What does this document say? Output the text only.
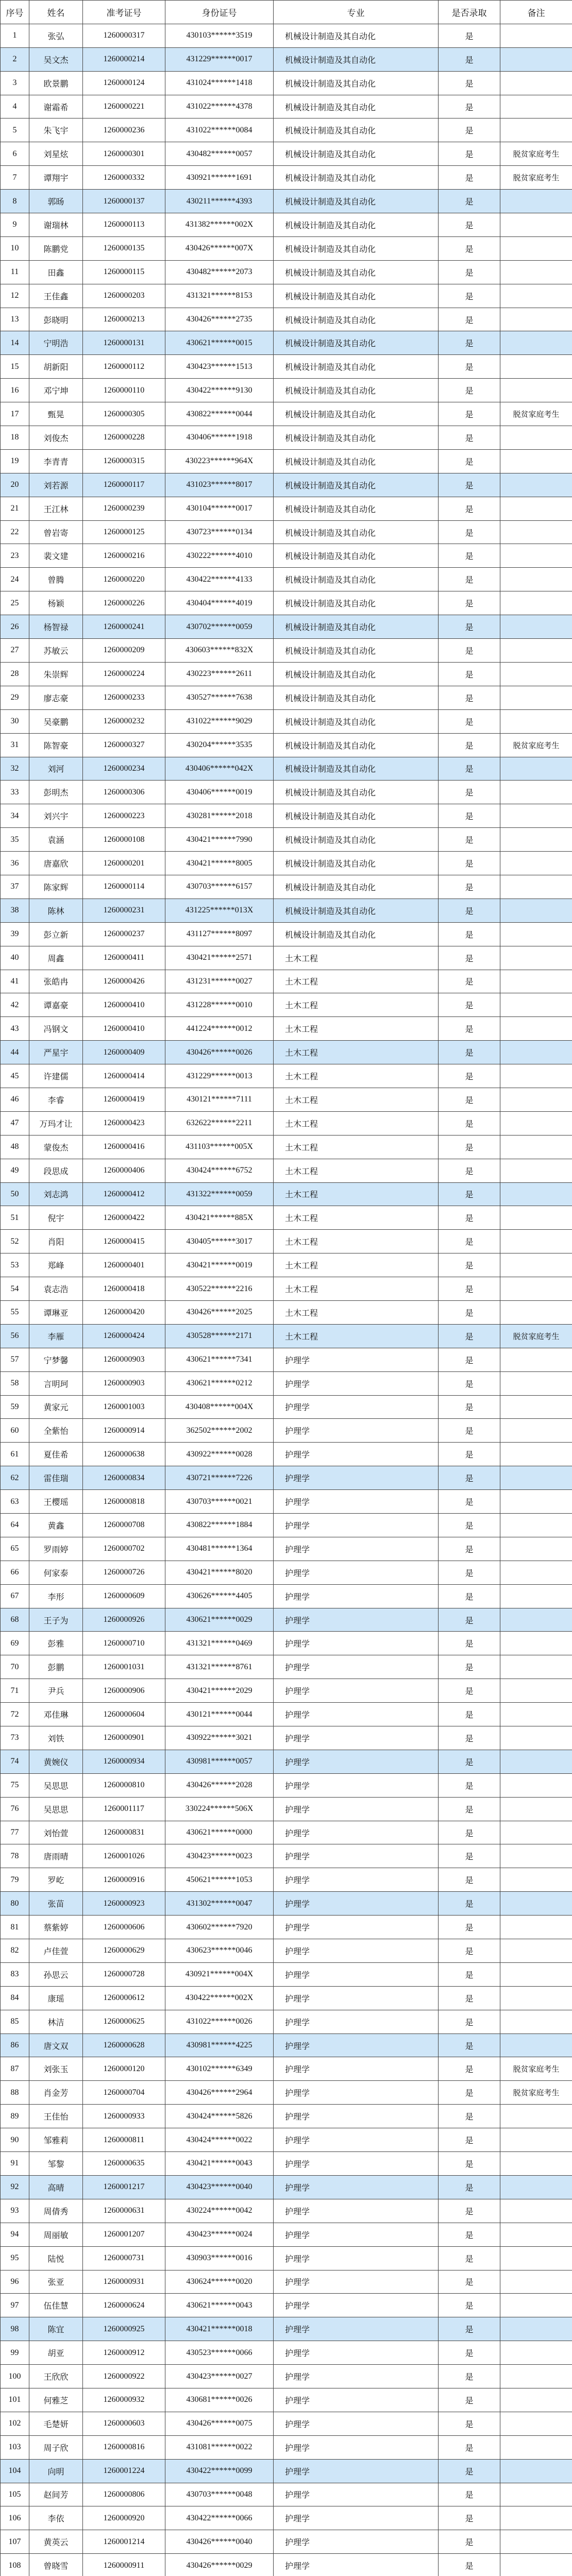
序号	姓名	准考证号	身份证号	专业	是否录取	备注
1	张弘	1260000317	430103******3519	机械设计制造及其自动化	是	
2	吴文杰	1260000214	431229******0017	机械设计制造及其自动化	是	
3	欧景鹏	1260000124	431024******1418	机械设计制造及其自动化	是	
4	谢霜希	1260000221	431022******4378	机械设计制造及其自动化	是	
5	朱飞宇	1260000236	431022******0084	机械设计制造及其自动化	是	
6	刘星炫	1260000301	430482******0057	机械设计制造及其自动化	是	脱贫家庭考生
7	谭翔宇	1260000332	430921******1691	机械设计制造及其自动化	是	脱贫家庭考生
8	郭旸	1260000137	430211******4393	机械设计制造及其自动化	是	
9	谢瑞林	1260000113	431382******002X	机械设计制造及其自动化	是	
10	陈鹏党	1260000135	430426******007X	机械设计制造及其自动化	是	
11	田鑫	1260000115	430482******2073	机械设计制造及其自动化	是	
12	王佳鑫	1260000203	431321******8153	机械设计制造及其自动化	是	
13	彭晓明	1260000213	430426******2735	机械设计制造及其自动化	是	
14	宁明浩	1260000131	430621******0015	机械设计制造及其自动化	是	
15	胡新阳	1260000112	430423******1513	机械设计制造及其自动化	是	
16	邓宁坤	1260000110	430422******9130	机械设计制造及其自动化	是	
17	甄晃	1260000305	430822******0044	机械设计制造及其自动化	是	脱贫家庭考生
18	刘俊杰	1260000228	430406******1918	机械设计制造及其自动化	是	
19	李青青	1260000315	430223******964X	机械设计制造及其自动化	是	
20	刘若源	1260000117	431023******8017	机械设计制造及其自动化	是	
21	王江林	1260000239	430104******0017	机械设计制造及其自动化	是	
22	曾岩寄	1260000125	430723******0134	机械设计制造及其自动化	是	
23	裴文建	1260000216	430222******4010	机械设计制造及其自动化	是	
24	曾腾	1260000220	430422******4133	机械设计制造及其自动化	是	
25	杨颖	1260000226	430404******4019	机械设计制造及其自动化	是	
26	杨智禄	1260000241	430702******0059	机械设计制造及其自动化	是	
27	苏敏云	1260000209	430603******832X	机械设计制造及其自动化	是	
28	朱崇辉	1260000224	430223******2611	机械设计制造及其自动化	是	
29	廖志豪	1260000233	430527******7638	机械设计制造及其自动化	是	
30	吴豪鹏	1260000232	431022******9029	机械设计制造及其自动化	是	
31	陈智豪	1260000327	430204******3535	机械设计制造及其自动化	是	脱贫家庭考生
32	刘河	1260000234	430406******042X	机械设计制造及其自动化	是	
33	彭明杰	1260000306	430406******0019	机械设计制造及其自动化	是	
34	刘兴宇	1260000223	430281******2018	机械设计制造及其自动化	是	
35	袁涵	1260000108	430421******7990	机械设计制造及其自动化	是	
36	唐嘉欣	1260000201	430421******8005	机械设计制造及其自动化	是	
37	陈家辉	1260000114	430703******6157	机械设计制造及其自动化	是	
38	陈林	1260000231	431225******013X	机械设计制造及其自动化	是	
39	彭立新	1260000237	431127******8097	机械设计制造及其自动化	是	
40	周鑫	1260000411	430421******2571	土木工程	是	
41	张皓冉	1260000426	431231******0027	土木工程	是	
42	谭嘉豪	1260000410	431228******0010	土木工程	是	
43	冯钢文	1260000410	441224******0012	土木工程	是	
44	严星宇	1260000409	430426******0026	土木工程	是	
45	许建儒	1260000414	431229******0013	土木工程	是	
46	李睿	1260000419	430121******7111	土木工程	是	
47	万玛才让	1260000423	632622******2211	土木工程	是	
48	蒙俊杰	1260000416	431103******005X	土木工程	是	
49	段思成	1260000406	430424******6752	土木工程	是	
50	刘志鸿	1260000412	431322******0059	土木工程	是	
51	倪宇	1260000422	430421******885X	土木工程	是	
52	肖阳	1260000415	430405******3017	土木工程	是	
53	郑峰	1260000401	430421******0019	土木工程	是	
54	袁志浩	1260000418	430522******2216	土木工程	是	
55	谭琳亚	1260000420	430426******2025	土木工程	是	
56	李雁	1260000424	430528******2171	土木工程	是	脱贫家庭考生
57	宁梦馨	1260000903	430621******7341	护理学	是	
58	言明珂	1260000903	430621******0212	护理学	是	
59	黄家元	1260001003	430408******004X	护理学	是	
60	全紫怡	1260000914	362502******2002	护理学	是	
61	夏佳希	1260000638	430922******0028	护理学	是	
62	雷佳瑞	1260000834	430721******7226	护理学	是	
63	王樱瑶	1260000818	430703******0021	护理学	是	
64	黄鑫	1260000708	430822******1884	护理学	是	
65	罗雨婷	1260000702	430481******1364	护理学	是	
66	何家泰	1260000726	430421******8020	护理学	是	
67	李形	1260000609	430626******4405	护理学	是	
68	王子为	1260000926	430621******0029	护理学	是	
69	彭雅	1260000710	431321******0469	护理学	是	
70	彭鹏	1260001031	431321******8761	护理学	是	
71	尹兵	1260000906	430421******2029	护理学	是	
72	邓佳琳	1260000604	430121******0044	护理学	是	
73	刘铁	1260000901	430922******3021	护理学	是	
74	黄婉仪	1260000934	430981******0057	护理学	是	
75	吴思思	1260000810	430426******2028	护理学	是	
76	吴思思	1260001117	330224******506X	护理学	是	
77	刘怡萱	1260000831	430621******0000	护理学	是	
78	唐雨晴	1260001026	430423******0023	护理学	是	
79	罗屹	1260000916	450621******1053	护理学	是	
80	张苗	1260000923	431302******0047	护理学	是	
81	蔡紫婷	1260000606	430602******7920	护理学	是	
82	卢佳萱	1260000629	430623******0046	护理学	是	
83	孙思云	1260000728	430921******004X	护理学	是	
84	康瑶	1260000612	430422******002X	护理学	是	
85	林洁	1260000625	431022******0026	护理学	是	
86	唐文双	1260000628	430981******4225	护理学	是	
87	刘张玉	1260000120	430102******6349	护理学	是	脱贫家庭考生
88	肖金芳	1260000704	430426******2964	护理学	是	脱贫家庭考生
89	王佳怡	1260000933	430424******5826	护理学	是	
90	邹雅莉	1260000811	430424******0022	护理学	是	
91	邹黎	1260000635	430421******0043	护理学	是	
92	高晴	1260001217	430423******0040	护理学	是	
93	周倩秀	1260000631	430224******0042	护理学	是	
94	周丽敏	1260001207	430423******0024	护理学	是	
95	陆悦	1260000731	430903******0016	护理学	是	
96	张亚	1260000931	430624******0020	护理学	是	
97	伍佳慧	1260000624	430621******0043	护理学	是	
98	陈宜	1260000925	430421******0018	护理学	是	
99	胡亚	1260000912	430523******0066	护理学	是	
100	王欣欣	1260000922	430423******0027	护理学	是	
101	何雅芝	1260000932	430681******0026	护理学	是	
102	毛楚妍	1260000603	430426******0075	护理学	是	
103	周子欣	1260000816	431081******0022	护理学	是	
104	向明	1260001224	430422******0099	护理学	是	
105	赵间芳	1260000806	430703******0048	护理学	是	
106	李依	1260000920	430422******0066	护理学	是	
107	黄英云	1260001214	430426******0040	护理学	是	
108	曾晓雪	1260000911	430426******0029	护理学	是	
